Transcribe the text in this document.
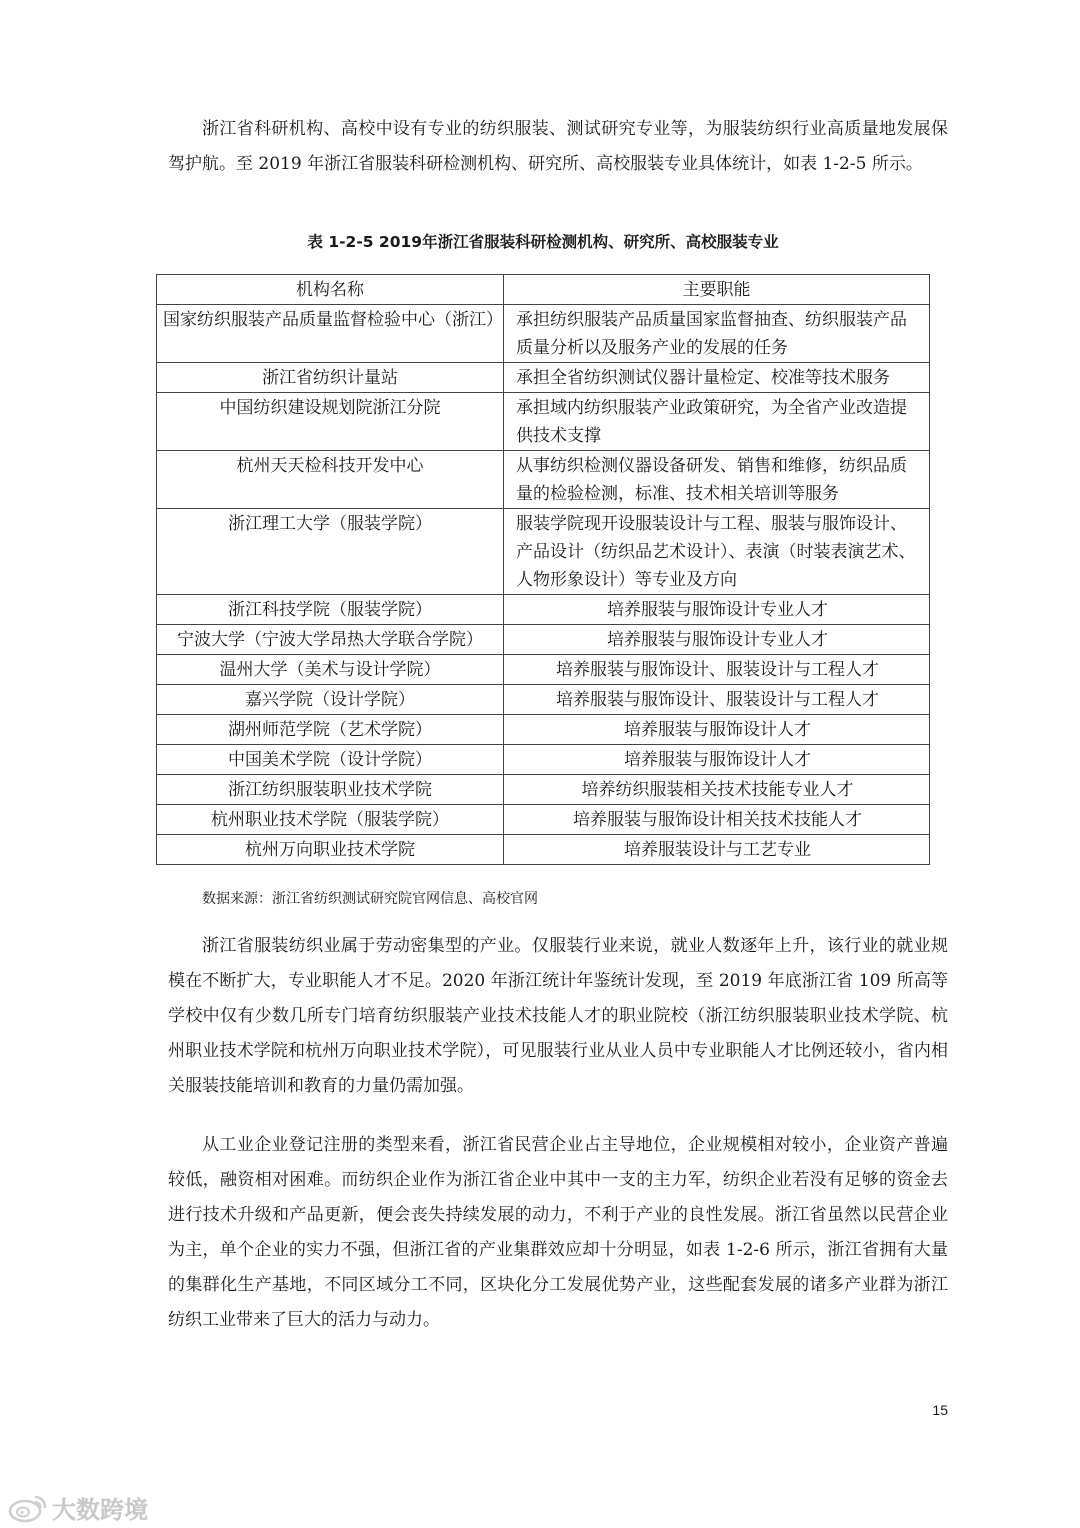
浙江省科研机构、高校中设有专业的纺织服装、测试研究专业等，为服装纺织行业高质量地发展保驾护航。至 2019 年浙江省服装科研检测机构、研究所、高校服装专业具体统计，如表 1-2-5 所示。

表 1-2-5 2019年浙江省服装科研检测机构、研究所、高校服装专业
机构名称	主要职能
国家纺织服装产品质量监督检验中心（浙江）	承担纺织服装产品质量国家监督抽查、纺织服装产品质量分析以及服务产业的发展的任务
浙江省纺织计量站	承担全省纺织测试仪器计量检定、校准等技术服务
中国纺织建设规划院浙江分院	承担域内纺织服装产业政策研究，为全省产业改造提供技术支撑
杭州天天检科技开发中心	从事纺织检测仪器设备研发、销售和维修，纺织品质量的检验检测，标准、技术相关培训等服务
浙江理工大学（服装学院）	服装学院现开设服装设计与工程、服装与服饰设计、产品设计（纺织品艺术设计）、表演（时装表演艺术、人物形象设计）等专业及方向
浙江科技学院（服装学院）	培养服装与服饰设计专业人才
宁波大学（宁波大学昂热大学联合学院）	培养服装与服饰设计专业人才
温州大学（美术与设计学院）	培养服装与服饰设计、服装设计与工程人才
嘉兴学院（设计学院）	培养服装与服饰设计、服装设计与工程人才
湖州师范学院（艺术学院）	培养服装与服饰设计人才
中国美术学院（设计学院）	培养服装与服饰设计人才
浙江纺织服装职业技术学院	培养纺织服装相关技术技能专业人才
杭州职业技术学院（服装学院）	培养服装与服饰设计相关技术技能人才
杭州万向职业技术学院	培养服装设计与工艺专业
数据来源：浙江省纺织测试研究院官网信息、高校官网

浙江省服装纺织业属于劳动密集型的产业。仅服装行业来说，就业人数逐年上升，该行业的就业规模在不断扩大，专业职能人才不足。2020 年浙江统计年鉴统计发现，至 2019 年底浙江省 109 所高等学校中仅有少数几所专门培育纺织服装产业技术技能人才的职业院校（浙江纺织服装职业技术学院、杭州职业技术学院和杭州万向职业技术学院），可见服装行业从业人员中专业职能人才比例还较小，省内相关服装技能培训和教育的力量仍需加强。

从工业企业登记注册的类型来看，浙江省民营企业占主导地位，企业规模相对较小，企业资产普遍较低，融资相对困难。而纺织企业作为浙江省企业中其中一支的主力军，纺织企业若没有足够的资金去进行技术升级和产品更新，便会丧失持续发展的动力，不利于产业的良性发展。浙江省虽然以民营企业为主，单个企业的实力不强，但浙江省的产业集群效应却十分明显，如表 1-2-6 所示，浙江省拥有大量的集群化生产基地，不同区域分工不同，区块化分工发展优势产业，这些配套发展的诸多产业群为浙江纺织工业带来了巨大的活力与动力。

15
大数跨境
